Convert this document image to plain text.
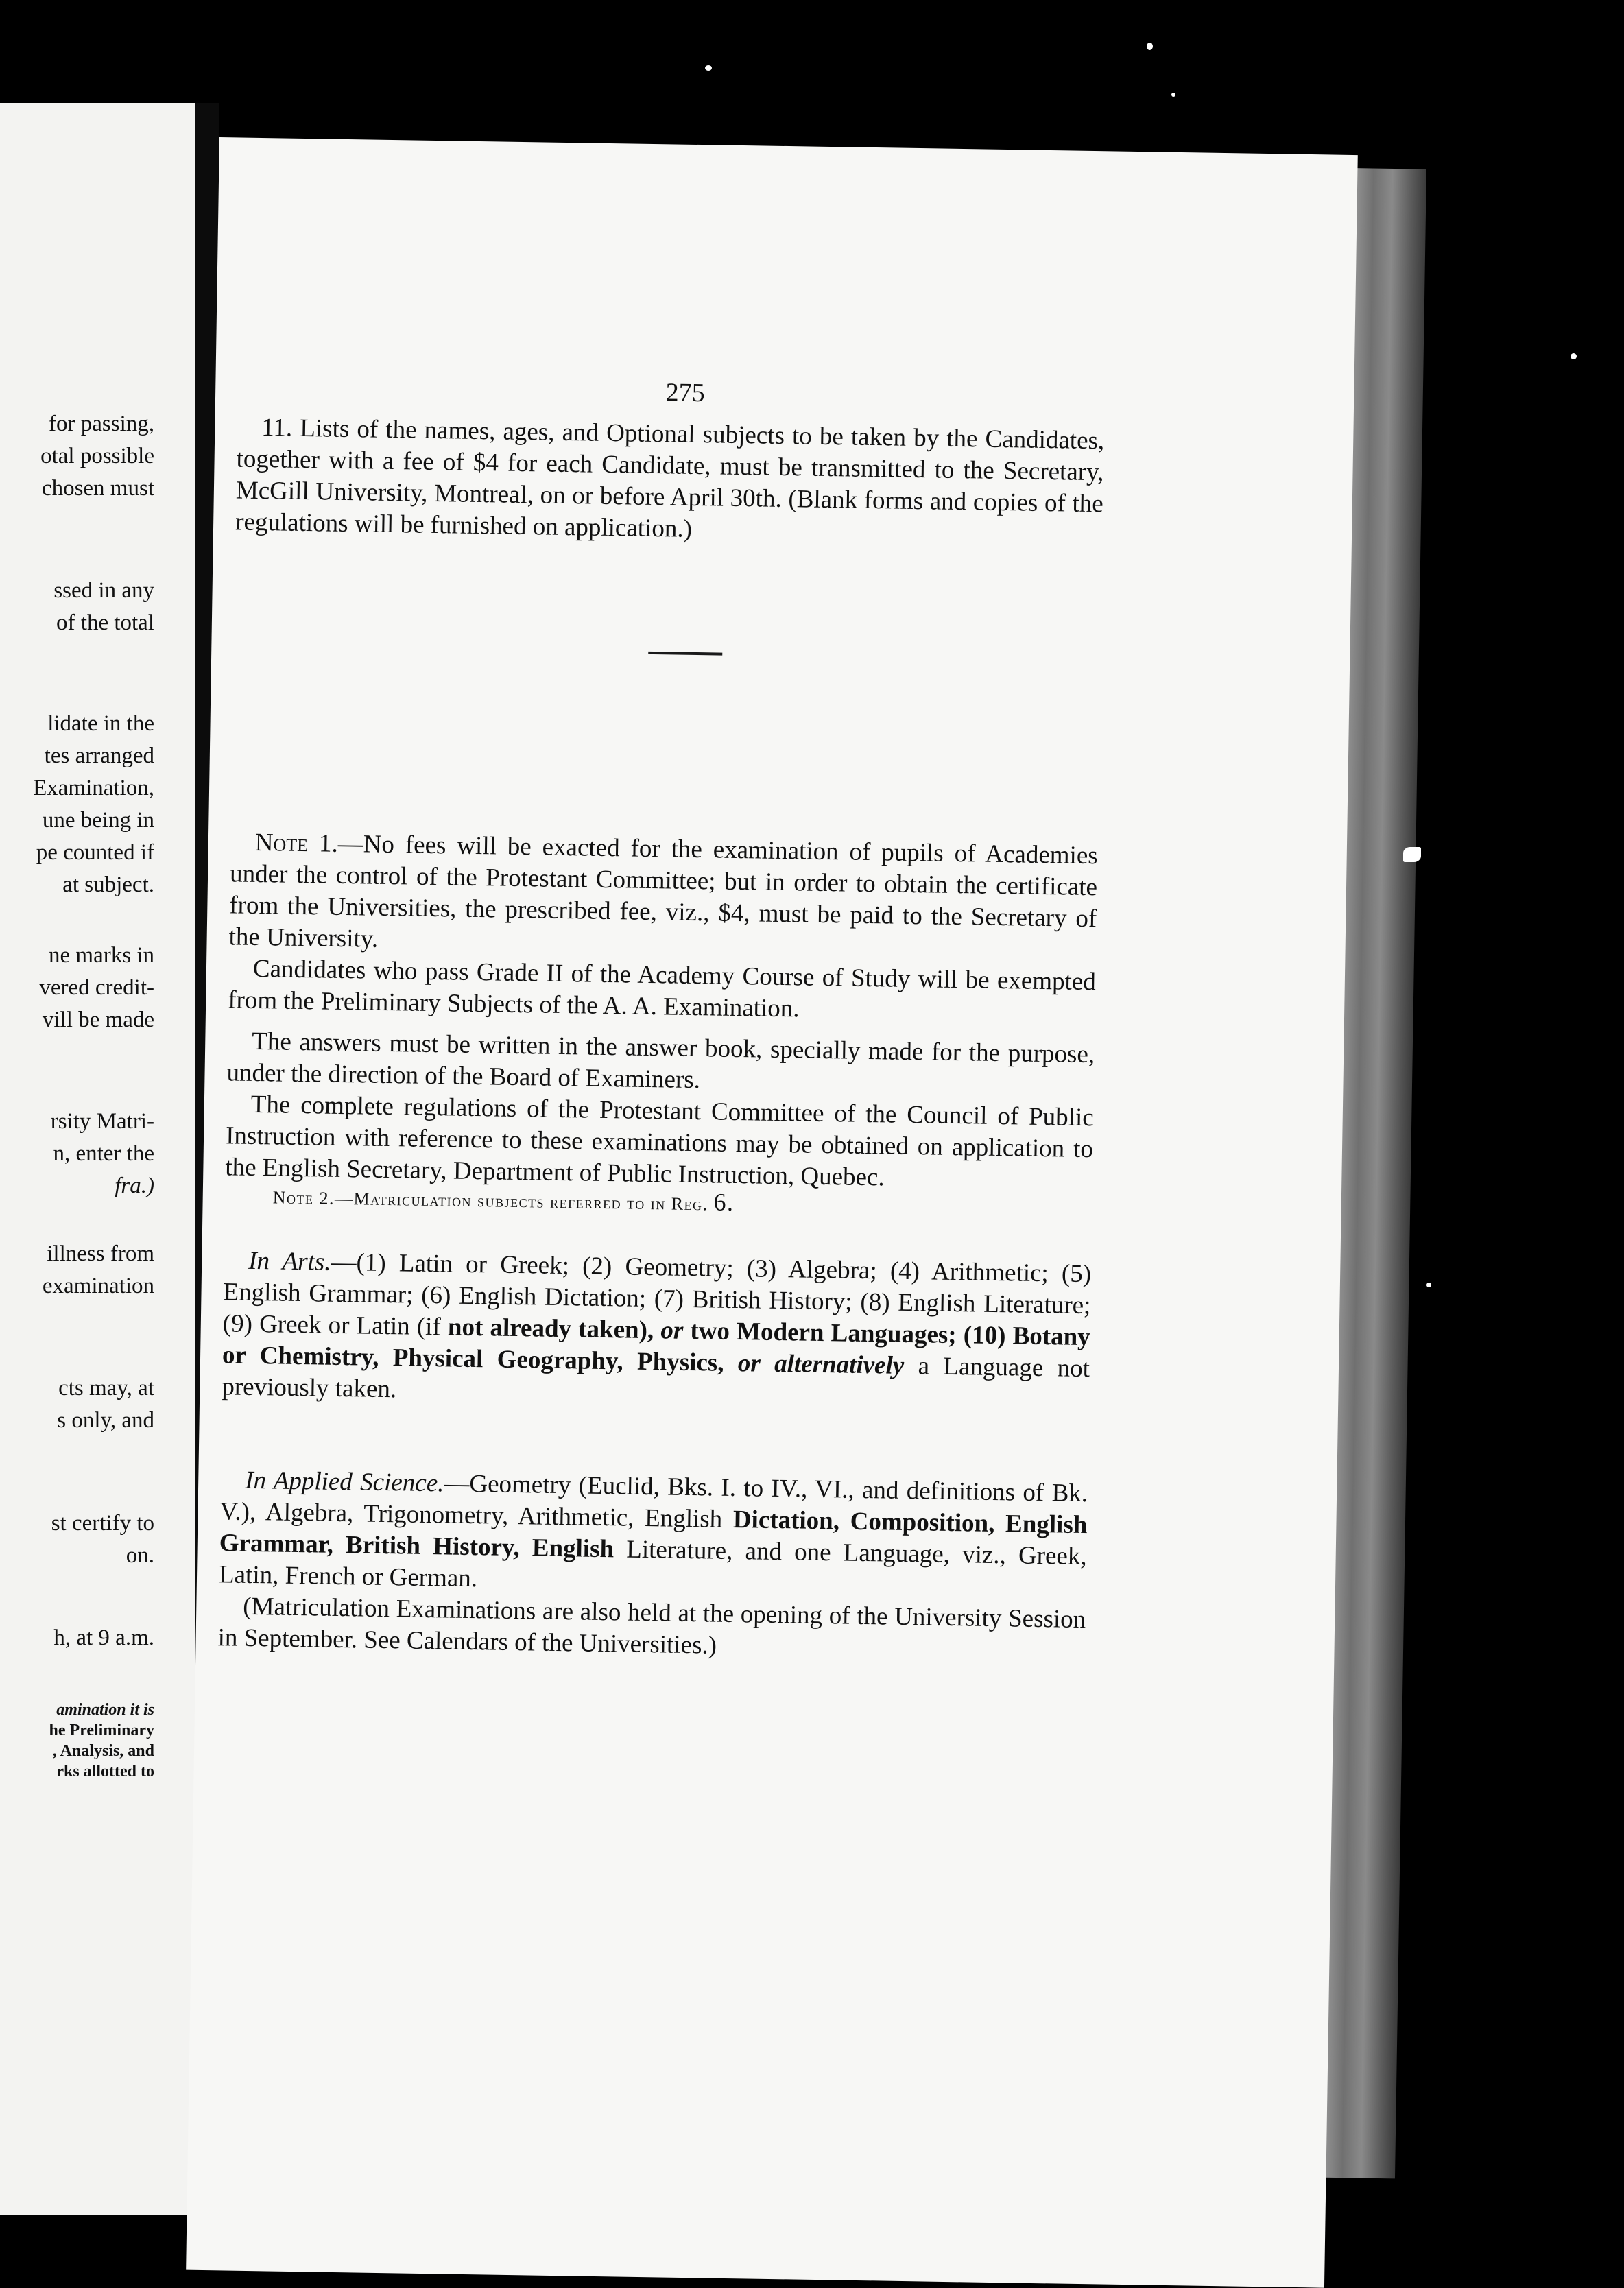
for passing,
otal possible
chosen must
ssed in any
of the total
lidate in the
tes arranged
Examination,
une being in
pe counted if
at subject.
ne marks in
vered credit-
vill be made
rsity Matri-
n, enter the
fra.)
illness from
examination
cts may, at
s only, and
st certify to
on.
h, at 9 a.m.
amination it is
he Preliminary
, Analysis, and
rks allotted to
275

11. Lists of the names, ages, and Optional subjects to be taken by the Candidates, together with a fee of $4 for each Candidate, must be transmitted to the Secretary, McGill University, Montreal, on or before April 30th. (Blank forms and copies of the regulations will be furnished on application.)

Note 1.—No fees will be exacted for the examination of pupils of Academies under the control of the Protestant Committee; but in order to obtain the certificate from the Universities, the prescribed fee, viz., $4, must be paid to the Secretary of the University.

Candidates who pass Grade II of the Academy Course of Study will be exempted from the Preliminary Subjects of the A. A. Examination.

The answers must be written in the answer book, specially made for the purpose, under the direction of the Board of Examiners.

The complete regulations of the Protestant Committee of the Council of Public Instruction with reference to these examinations may be obtained on application to the English Secretary, Department of Public Instruction, Quebec.

Note 2.—Matriculation subjects referred to in Reg. 6.

In Arts.—(1) Latin or Greek; (2) Geometry; (3) Algebra; (4) Arithmetic; (5) English Grammar; (6) English Dictation; (7) British History; (8) English Literature; (9) Greek or Latin (if not already taken), or two Modern Languages; (10) Botany or Chemistry, Physical Geography, Physics, or alternatively a Language not previously taken.

In Applied Science.—Geometry (Euclid, Bks. I. to IV., VI., and definitions of Bk. V.), Algebra, Trigonometry, Arithmetic, English Dictation, Composition, English Grammar, British History, English Literature, and one Language, viz., Greek, Latin, French or German.

(Matriculation Examinations are also held at the opening of the University Session in September. See Calendars of the Universities.)
